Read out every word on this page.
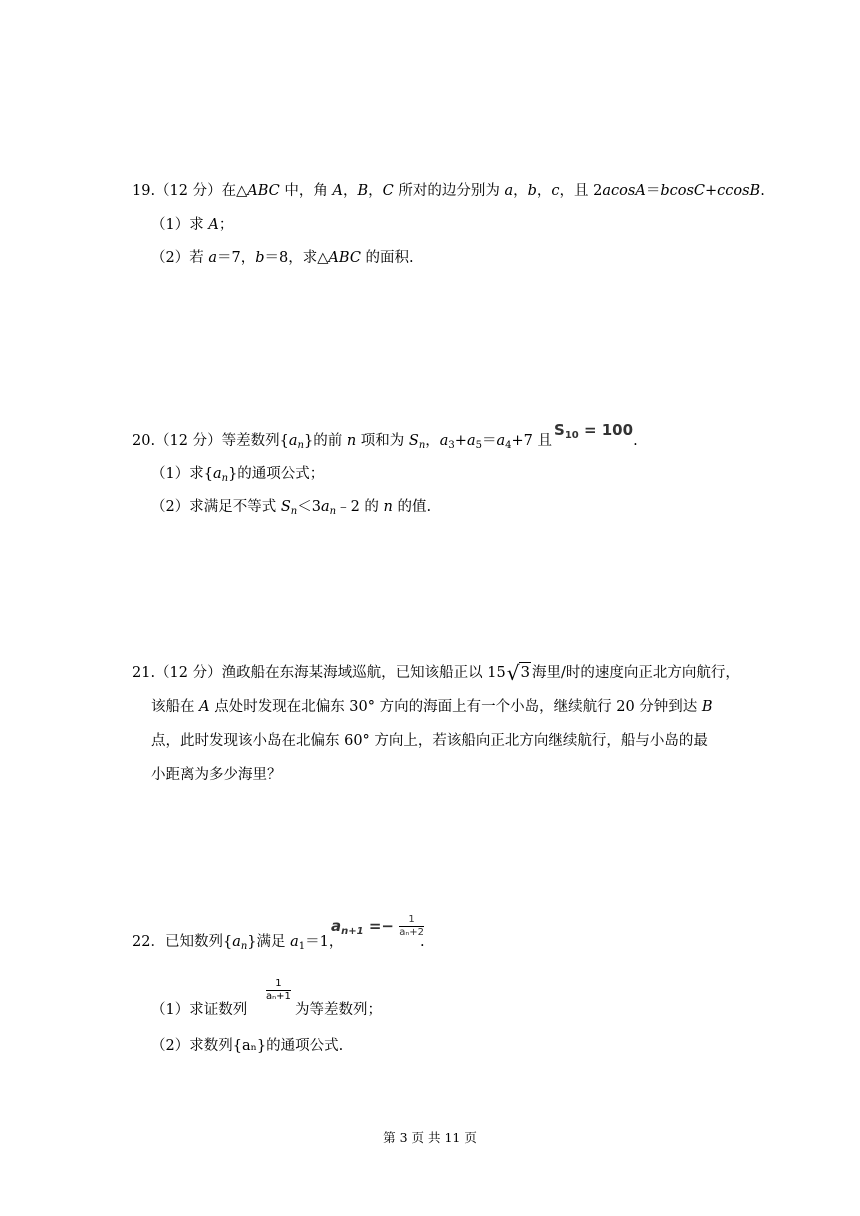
19.（12 分）在△ABC 中，角 A，B，C 所对的边分别为 a，b，c，且 2acosA＝bcosC+ccosB.
（1）求 A；
（2）若 a＝7，b＝8，求△ABC 的面积.
20.（12 分）等差数列$\{a_n\}$的前 n 项和为 $S_n$，$a_3+a_5=a_4+7$ 且$S_{10} = 100$.
（1）求$\{a_n\}$的通项公式；
（2）求满足不等式 $S_n<3a_n﹣2$ 的 n 的值.
21.（12 分）渔政船在东海某海域巡航，已知该船正以 15√3 海里/时的速度向正北方向航行，
该船在 A 点处时发现在北偏东 30° 方向的海面上有一个小岛，继续航行 20 分钟到达 B
点，此时发现该小岛在北偏东 60° 方向上，若该船向正北方向继续航行，船与小岛的最
小距离为多少海里？
22．已知数列$\{a_n\}$满足 $a_1=1$，
$a_{n+1} =- \frac{1}{\text{aₙ+2}}$
.
（1）求证数列
$\frac{1}{\text{aₙ+1}}$
为等差数列；
（2）求数列{aₙ}的通项公式.
第 3 页 共 11 页
